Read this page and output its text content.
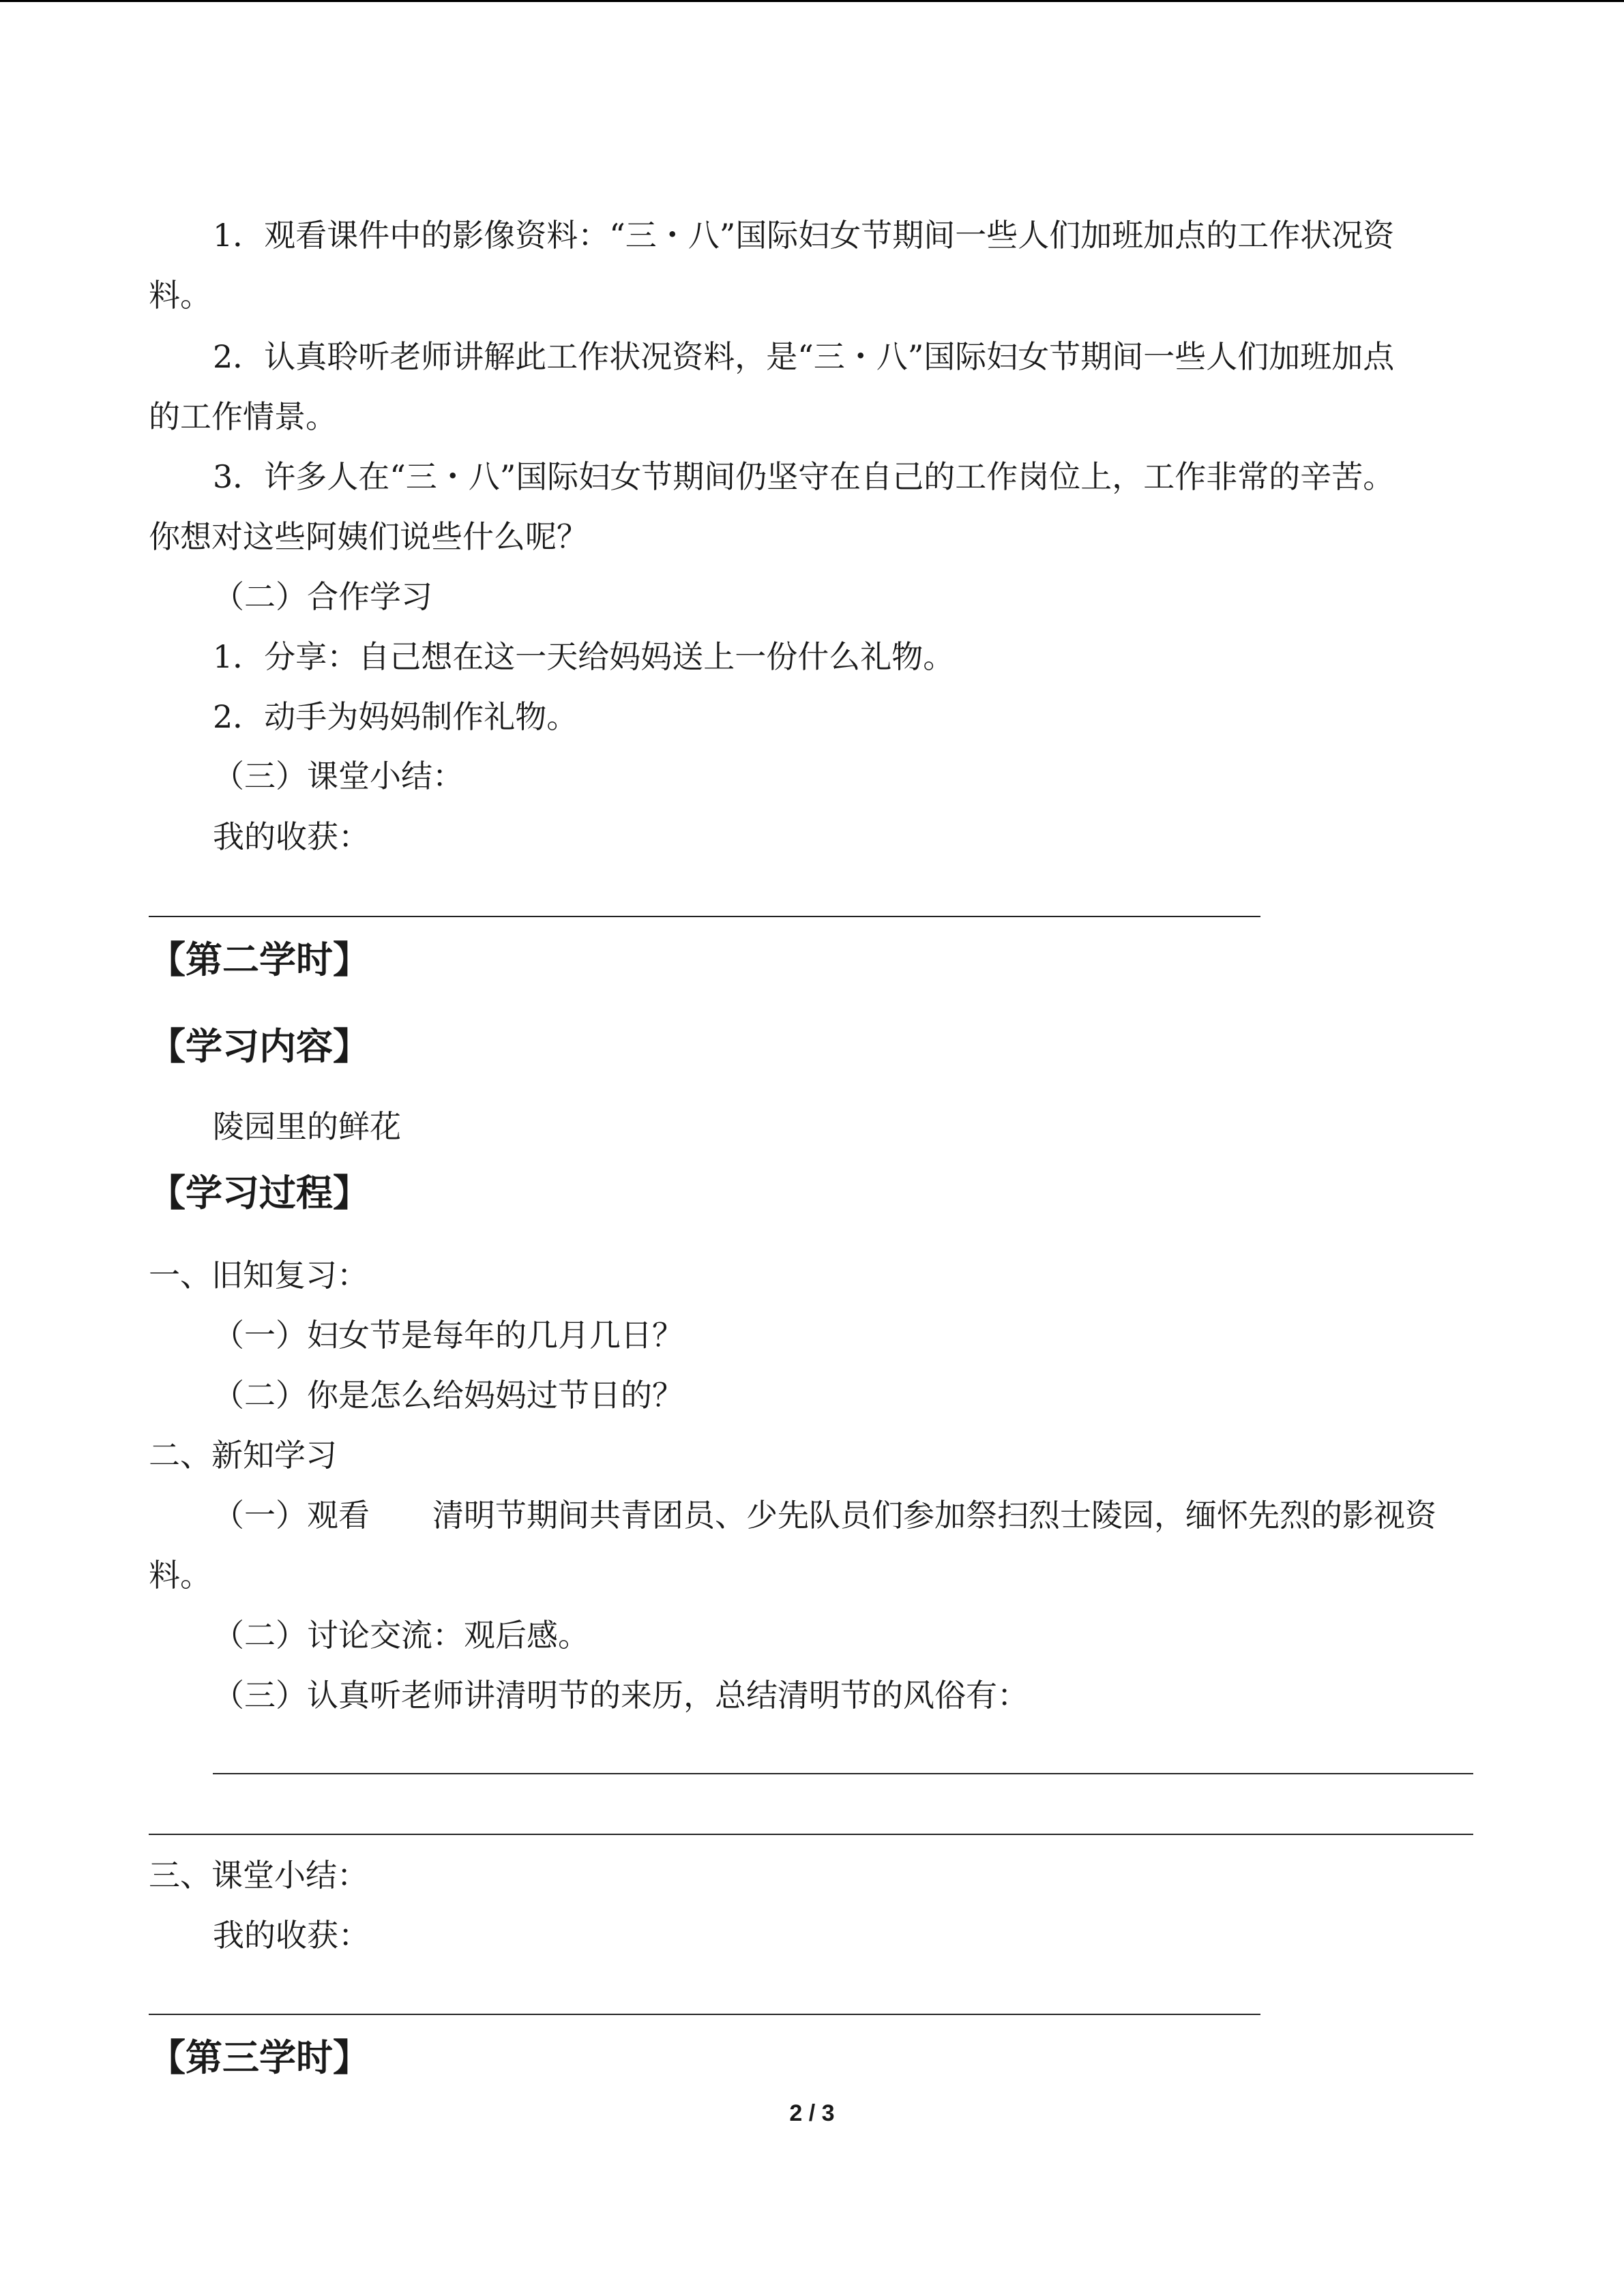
1．观看课件中的影像资料：“三・八”国际妇女节期间一些人们加班加点的工作状况资
料。
2．认真聆听老师讲解此工作状况资料，是“三・八”国际妇女节期间一些人们加班加点
的工作情景。
3．许多人在“三・八”国际妇女节期间仍坚守在自己的工作岗位上，工作非常的辛苦。
你想对这些阿姨们说些什么呢？
（二）合作学习
1．分享：自己想在这一天给妈妈送上一份什么礼物。
2．动手为妈妈制作礼物。
（三）课堂小结：
我的收获：
【第二学时】
【学习内容】
陵园里的鲜花
【学习过程】
一、旧知复习：
（一）妇女节是每年的几月几日？
（二）你是怎么给妈妈过节日的？
二、新知学习
（一）观看　　清明节期间共青团员、少先队员们参加祭扫烈士陵园，缅怀先烈的影视资
料。
（二）讨论交流：观后感。
（三）认真听老师讲清明节的来历，总结清明节的风俗有：
三、课堂小结：
我的收获：
【第三学时】
2 / 3
